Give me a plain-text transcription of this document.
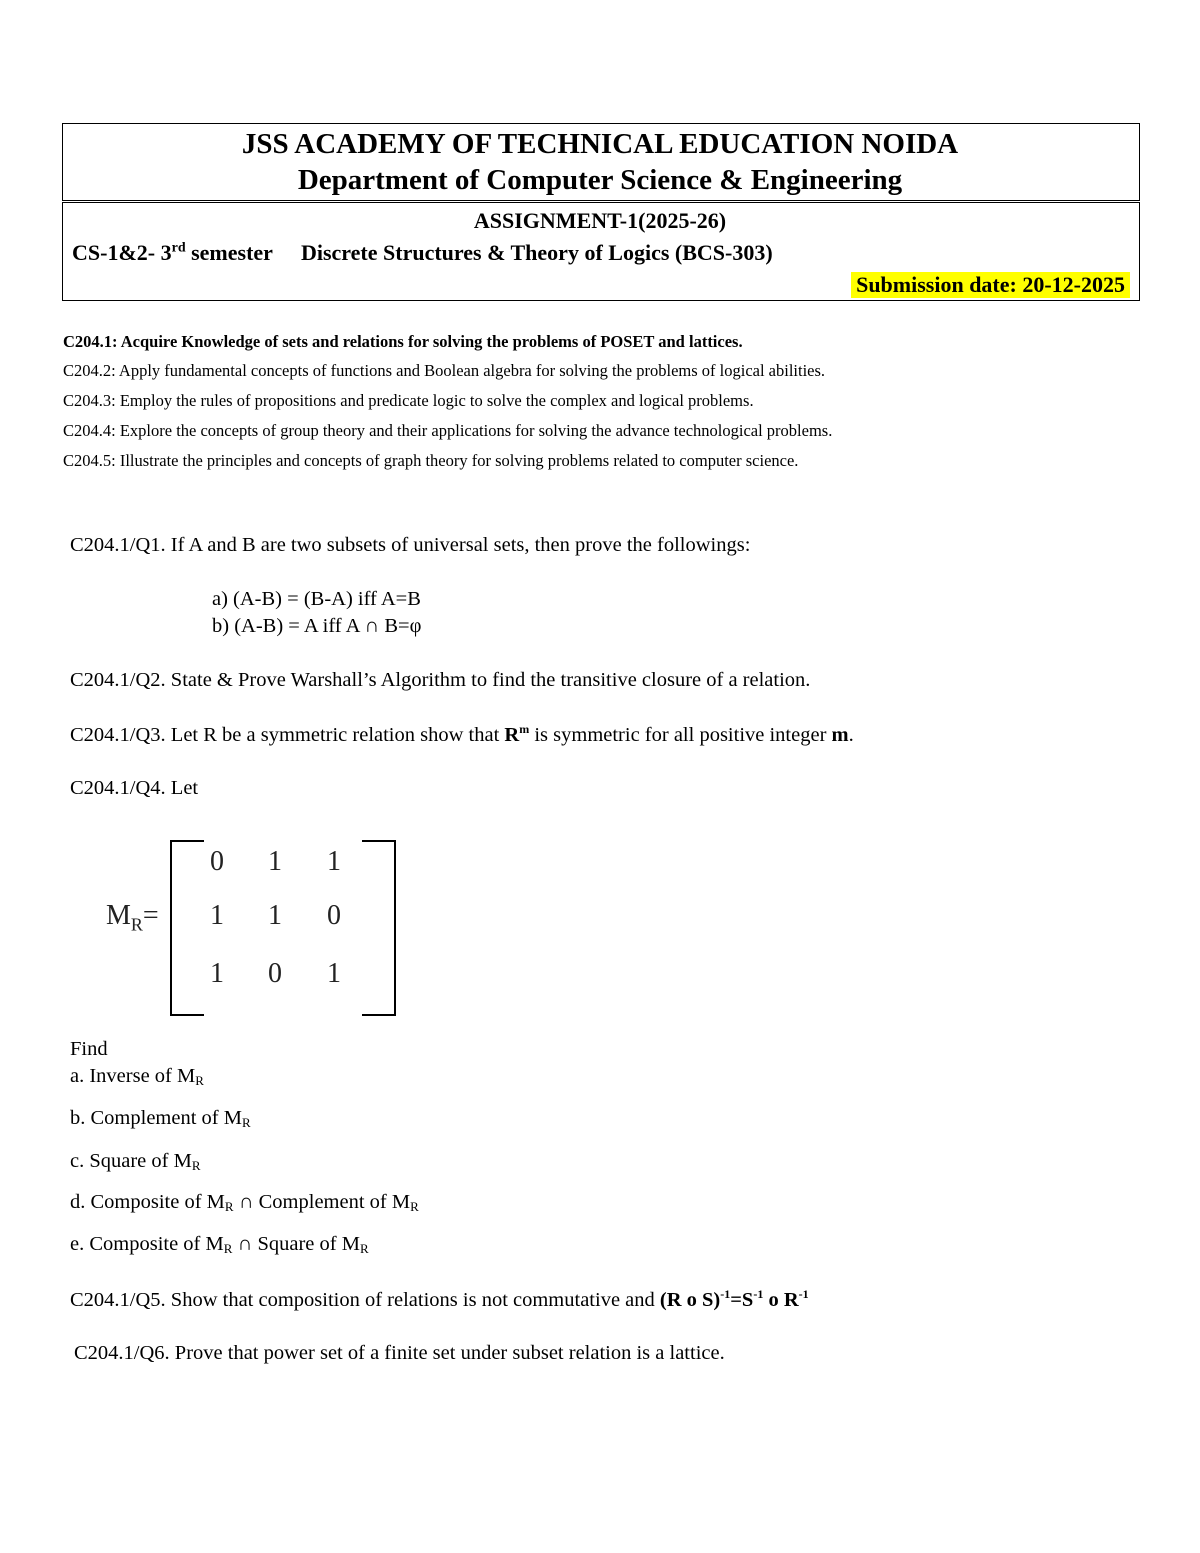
JSS ACADEMY OF TECHNICAL EDUCATION NOIDA
Department of Computer Science & Engineering
ASSIGNMENT-1(2025-26)
CS-1&2- 3rd semester Discrete Structures & Theory of Logics (BCS-303)
Submission date: 20-12-2025
C204.1: Acquire Knowledge of sets and relations for solving the problems of POSET and lattices.
C204.2: Apply fundamental concepts of functions and Boolean algebra for solving the problems of logical abilities.
C204.3: Employ the rules of propositions and predicate logic to solve the complex and logical problems.
C204.4: Explore the concepts of group theory and their applications for solving the advance technological problems.
C204.5: Illustrate the principles and concepts of graph theory for solving problems related to computer science.
C204.1/Q1. If A and B are two subsets of universal sets, then prove the followings:
a) (A-B) = (B-A) iff A=B
b) (A-B) = A iff A ∩ B=φ
C204.1/Q2. State & Prove Warshall’s Algorithm to find the transitive closure of a relation.
C204.1/Q3. Let R be a symmetric relation show that $R^m$ is symmetric for all positive integer m.
C204.1/Q4. Let
$M_R=$
0	1	1
1	1	0
1	0	1
Find
a. Inverse of $M_R$
b. Complement of $M_R$
c. Square of $M_R$
d. Composite of $M_R$ ∩ Complement of $M_R$
e. Composite of $M_R$ ∩ Square of $M_R$
C204.1/Q5. Show that composition of relations is not commutative and (R o $S)^{-1}=S^{-1}$ o $R^{-1}$
C204.1/Q6. Prove that power set of a finite set under subset relation is a lattice.
